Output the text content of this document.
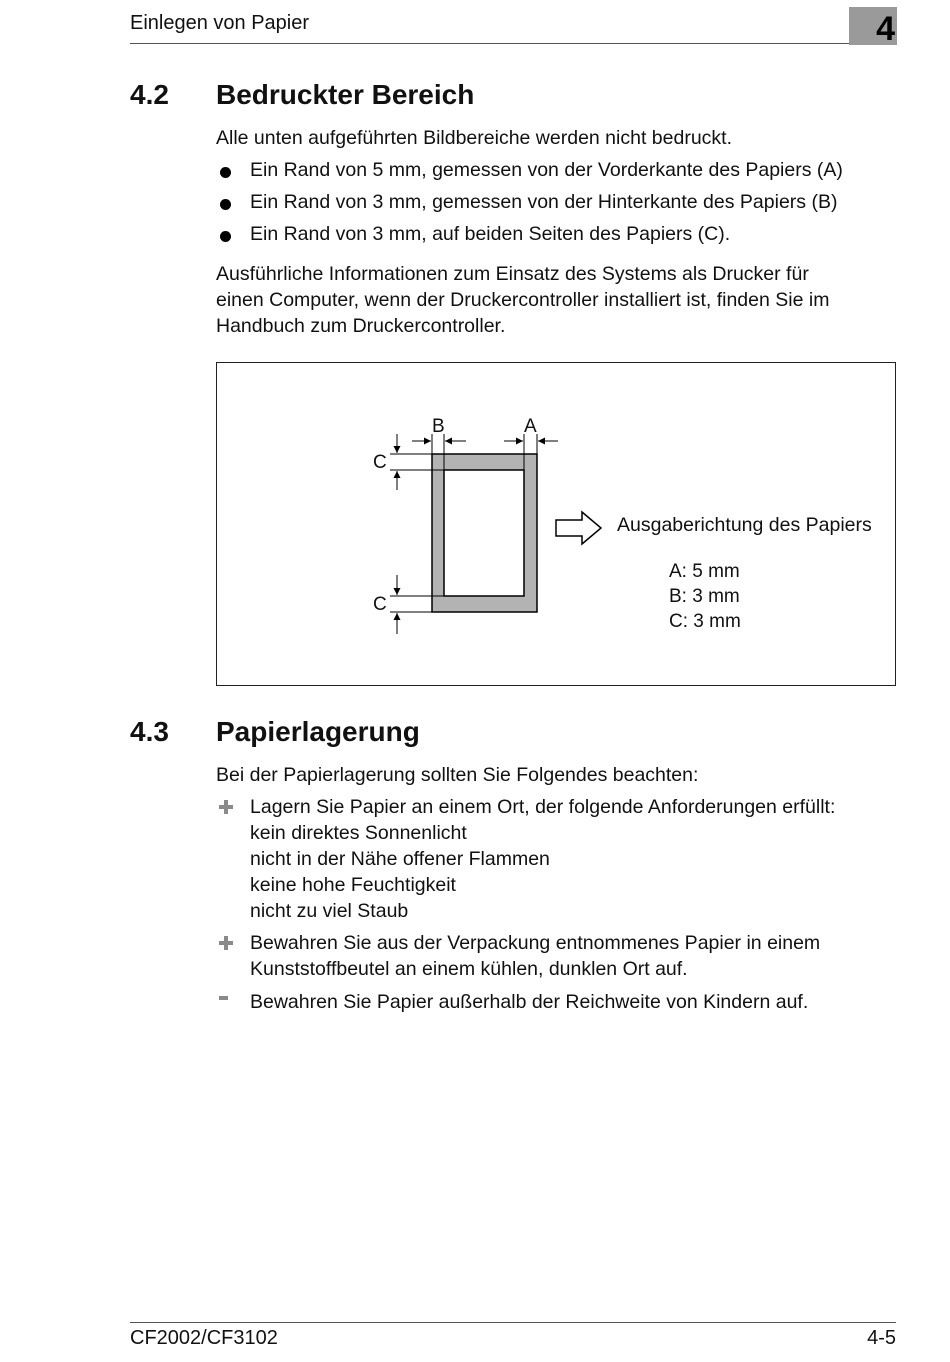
Einlegen von Papier	4
4.2 Bedruckter Bereich
Alle unten aufgeführten Bildbereiche werden nicht bedruckt.
Ein Rand von 5 mm, gemessen von der Vorderkante des Papiers (A)
Ein Rand von 3 mm, gemessen von der Hinterkante des Papiers (B)
Ein Rand von 3 mm, auf beiden Seiten des Papiers (C).
Ausführliche Informationen zum Einsatz des Systems als Drucker für
einen Computer, wenn der Druckercontroller installiert ist, finden Sie im
Handbuch zum Druckercontroller.
B	A
C
C
Ausgaberichtung des Papiers
A: 5 mm
B: 3 mm
C: 3 mm
4.3 Papierlagerung
Bei der Papierlagerung sollten Sie Folgendes beachten:
Lagern Sie Papier an einem Ort, der folgende Anforderungen erfüllt:
kein direktes Sonnenlicht
nicht in der Nähe offener Flammen
keine hohe Feuchtigkeit
nicht zu viel Staub
Bewahren Sie aus der Verpackung entnommenes Papier in einem
Kunststoffbeutel an einem kühlen, dunklen Ort auf.
Bewahren Sie Papier außerhalb der Reichweite von Kindern auf.
CF2002/CF3102	4-5
